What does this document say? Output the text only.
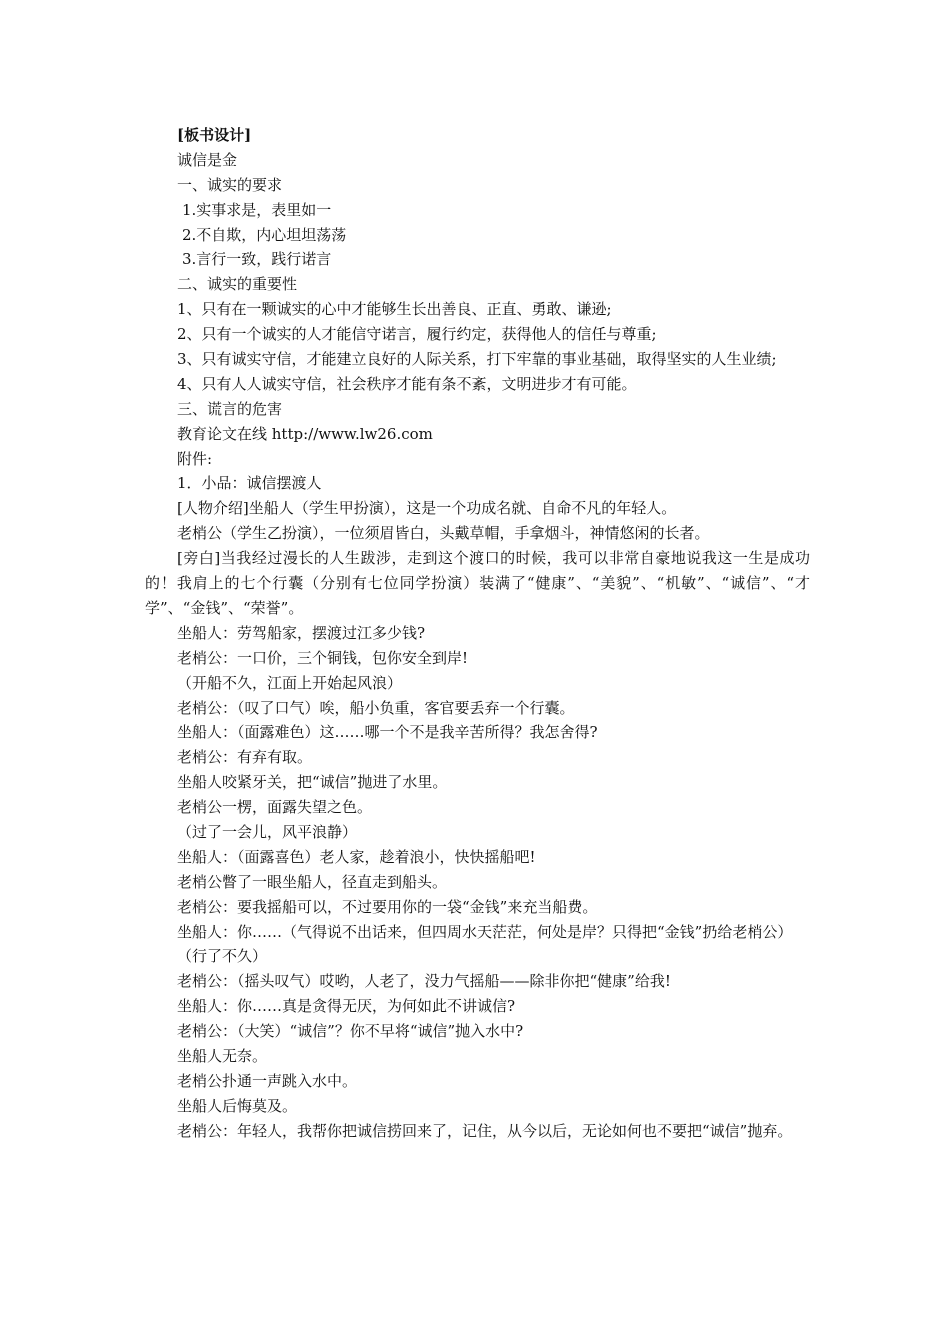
[板书设计]
诚信是金
一、诚实的要求
1.实事求是，表里如一
2.不自欺，内心坦坦荡荡
3.言行一致，践行诺言
二、诚实的重要性
1、只有在一颗诚实的心中才能够生长出善良、正直、勇敢、谦逊;
2、只有一个诚实的人才能信守诺言，履行约定，获得他人的信任与尊重;
3、只有诚实守信，才能建立良好的人际关系，打下牢靠的事业基础，取得坚实的人生业绩;
4、只有人人诚实守信，社会秩序才能有条不紊，文明进步才有可能。
三、谎言的危害
教育论文在线 http://www.lw26.com
附件:
1．小品：诚信摆渡人
[人物介绍]坐船人（学生甲扮演），这是一个功成名就、自命不凡的年轻人。
老梢公（学生乙扮演），一位须眉皆白，头戴草帽，手拿烟斗，神情悠闲的长者。
[旁白]当我经过漫长的人生跋涉，走到这个渡口的时候，我可以非常自豪地说我这一生是成功的！我肩上的七个行囊（分别有七位同学扮演）装满了“健康”、“美貌”、“机敏”、“诚信”、“才学”、“金钱”、“荣誉”。
坐船人：劳驾船家，摆渡过江多少钱?
老梢公：一口价，三个铜钱，包你安全到岸!
（开船不久，江面上开始起风浪）
老梢公：（叹了口气）唉，船小负重，客官要丢弃一个行囊。
坐船人：（面露难色）这……哪一个不是我辛苦所得？我怎舍得?
老梢公：有弃有取。
坐船人咬紧牙关，把“诚信”抛进了水里。
老梢公一楞，面露失望之色。
（过了一会儿，风平浪静）
坐船人：（面露喜色）老人家，趁着浪小，快快摇船吧!
老梢公瞥了一眼坐船人，径直走到船头。
老梢公：要我摇船可以，不过要用你的一袋“金钱”来充当船费。
坐船人：你……（气得说不出话来，但四周水天茫茫，何处是岸？只得把“金钱”扔给老梢公）
（行了不久）
老梢公：（摇头叹气）哎哟，人老了，没力气摇船——除非你把“健康”给我!
坐船人：你……真是贪得无厌，为何如此不讲诚信?
老梢公：（大笑）“诚信”？你不早将“诚信”抛入水中?
坐船人无奈。
老梢公扑通一声跳入水中。
坐船人后悔莫及。
老梢公：年轻人，我帮你把诚信捞回来了，记住，从今以后，无论如何也不要把“诚信”抛弃。
